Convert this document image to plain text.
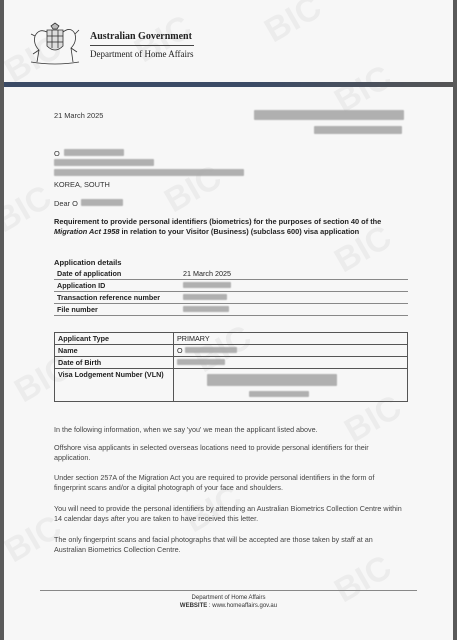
Australian Government
Department of Home Affairs
21 March 2025
O
KOREA, SOUTH
Dear O
Requirement to provide personal identifiers (biometrics) for the purposes of section 40 of the Migration Act 1958 in relation to your Visitor (Business) (subclass 600) visa application
Application details
Date of application	21 March 2025
Application ID	
Transaction reference number	
File number	
Applicant Type	PRIMARY
Name	O
Date of Birth	
Visa Lodgement Number (VLN)	

In the following information, when we say 'you' we mean the applicant listed above.
Offshore visa applicants in selected overseas locations need to provide personal identifiers for their application.
Under section 257A of the Migration Act you are required to provide personal identifiers in the form of fingerprint scans and/or a digital photograph of your face and shoulders.
You will need to provide the personal identifiers by attending an Australian Biometrics Collection Centre within 14 calendar days after you are taken to have received this letter.
The only fingerprint scans and facial photographs that will be accepted are those taken by staff at an Australian Biometrics Collection Centre.
Department of Home Affairs
WEBSITE : www.homeaffairs.gov.au
